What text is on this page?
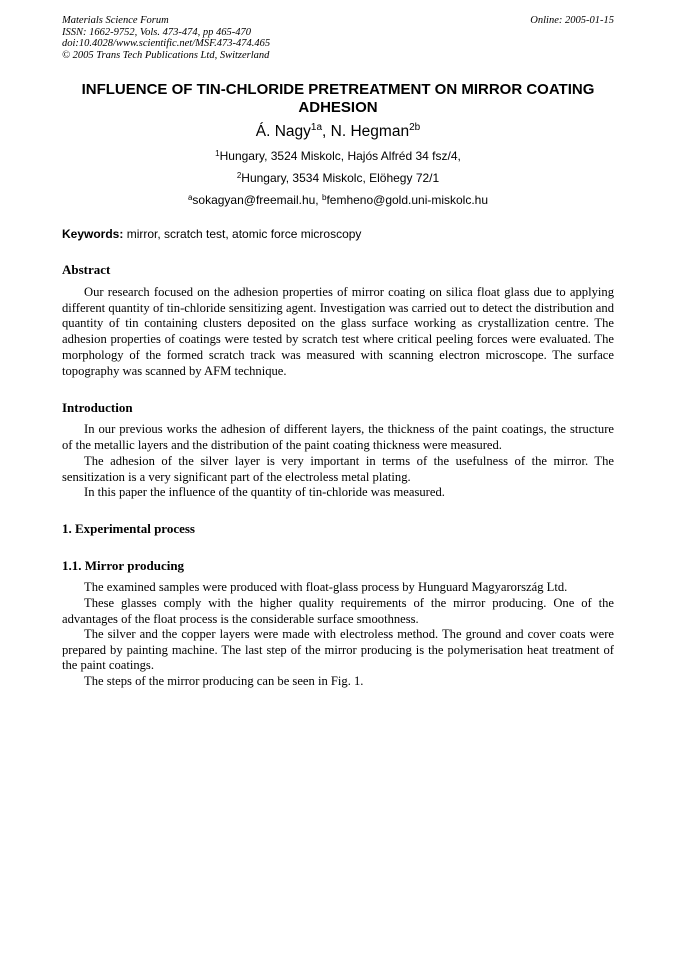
Materials Science Forum
ISSN: 1662-9752, Vols. 473-474, pp 465-470
doi:10.4028/www.scientific.net/MSF.473-474.465
© 2005 Trans Tech Publications Ltd, Switzerland
Online: 2005-01-15
INFLUENCE OF TIN-CHLORIDE PRETREATMENT ON MIRROR COATING
ADHESION
Á. Nagy$^{1a}$, N. Hegman$^{2b}$
$^1$Hungary, 3524 Miskolc, Hajós Alfréd 34 fsz/4,
$^2$Hungary, 3534 Miskolc, Elöhegy 72/1
$^a$sokagyan@freemail.hu, $^b$femheno@gold.uni-miskolc.hu
Keywords: mirror, scratch test, atomic force microscopy
Abstract

Our research focused on the adhesion properties of mirror coating on silica float glass due to applying different quantity of tin-chloride sensitizing agent. Investigation was carried out to detect the distribution and quantity of tin containing clusters deposited on the glass surface working as crystallization centre. The adhesion properties of coatings were tested by scratch test where critical peeling forces were evaluated. The morphology of the formed scratch track was measured with scanning electron microscope. The surface topography was scanned by AFM technique.

Introduction

In our previous works the adhesion of different layers, the thickness of the paint coatings, the structure of the metallic layers and the distribution of the paint coating thickness were measured.

The adhesion of the silver layer is very important in terms of the usefulness of the mirror. The sensitization is a very significant part of the electroless metal plating.

In this paper the influence of the quantity of tin-chloride was measured.

1. Experimental process
1.1. Mirror producing

The examined samples were produced with float-glass process by Hunguard Magyarország Ltd.

These glasses comply with the higher quality requirements of the mirror producing. One of the advantages of the float process is the considerable surface smoothness.

The silver and the copper layers were made with electroless method. The ground and cover coats were prepared by painting machine. The last step of the mirror producing is the polymerisation heat treatment of the paint coatings.

The steps of the mirror producing can be seen in Fig. 1.
